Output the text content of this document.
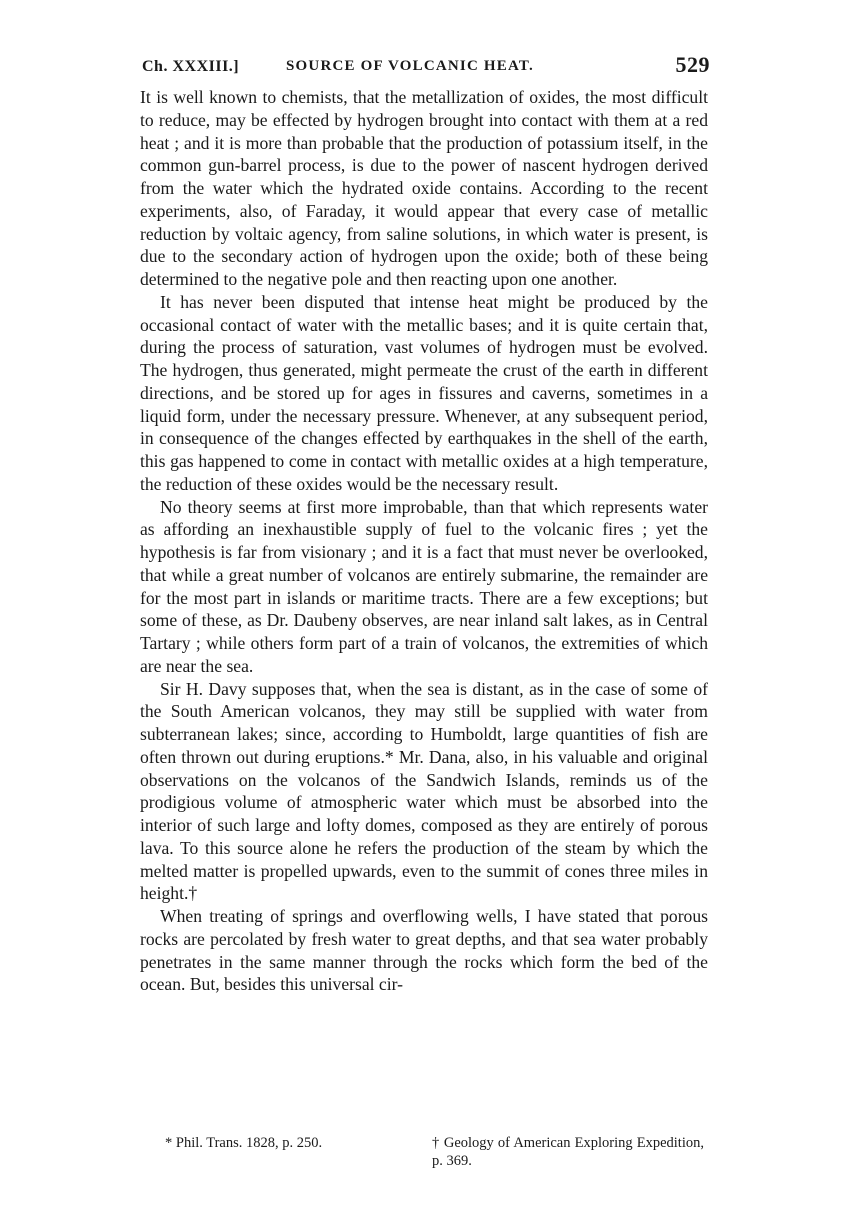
Ch. XXXIII.]	SOURCE OF VOLCANIC HEAT.	529

It is well known to chemists, that the metallization of oxides, the most difficult to reduce, may be effected by hydrogen brought into contact with them at a red heat ; and it is more than probable that the production of potassium itself, in the common gun-barrel process, is due to the power of nascent hydrogen derived from the water which the hydrated oxide contains. According to the recent experiments, also, of Faraday, it would appear that every case of metallic reduction by voltaic agency, from saline solutions, in which water is present, is due to the secondary action of hydrogen upon the oxide; both of these being determined to the negative pole and then reacting upon one another.

It has never been disputed that intense heat might be produced by the occasional contact of water with the metallic bases; and it is quite certain that, during the process of saturation, vast volumes of hydrogen must be evolved. The hydrogen, thus generated, might permeate the crust of the earth in different directions, and be stored up for ages in fissures and caverns, sometimes in a liquid form, under the necessary pressure. Whenever, at any subsequent period, in consequence of the changes effected by earthquakes in the shell of the earth, this gas happened to come in contact with metallic oxides at a high temperature, the reduction of these oxides would be the necessary result.

No theory seems at first more improbable, than that which represents water as affording an inexhaustible supply of fuel to the volcanic fires ; yet the hypothesis is far from visionary ; and it is a fact that must never be overlooked, that while a great number of volcanos are entirely submarine, the remainder are for the most part in islands or maritime tracts. There are a few exceptions; but some of these, as Dr. Daubeny observes, are near inland salt lakes, as in Central Tartary ; while others form part of a train of volcanos, the extremities of which are near the sea.

Sir H. Davy supposes that, when the sea is distant, as in the case of some of the South American volcanos, they may still be supplied with water from subterranean lakes; since, according to Humboldt, large quantities of fish are often thrown out during eruptions.* Mr. Dana, also, in his valuable and original observations on the volcanos of the Sandwich Islands, reminds us of the prodigious volume of atmospheric water which must be absorbed into the interior of such large and lofty domes, composed as they are entirely of porous lava. To this source alone he refers the production of the steam by which the melted matter is propelled upwards, even to the summit of cones three miles in height.†

When treating of springs and overflowing wells, I have stated that porous rocks are percolated by fresh water to great depths, and that sea water probably penetrates in the same manner through the rocks which form the bed of the ocean. But, besides this universal cir-

* Phil. Trans. 1828, p. 250.	† Geology of American Exploring Expedition, p. 369.
